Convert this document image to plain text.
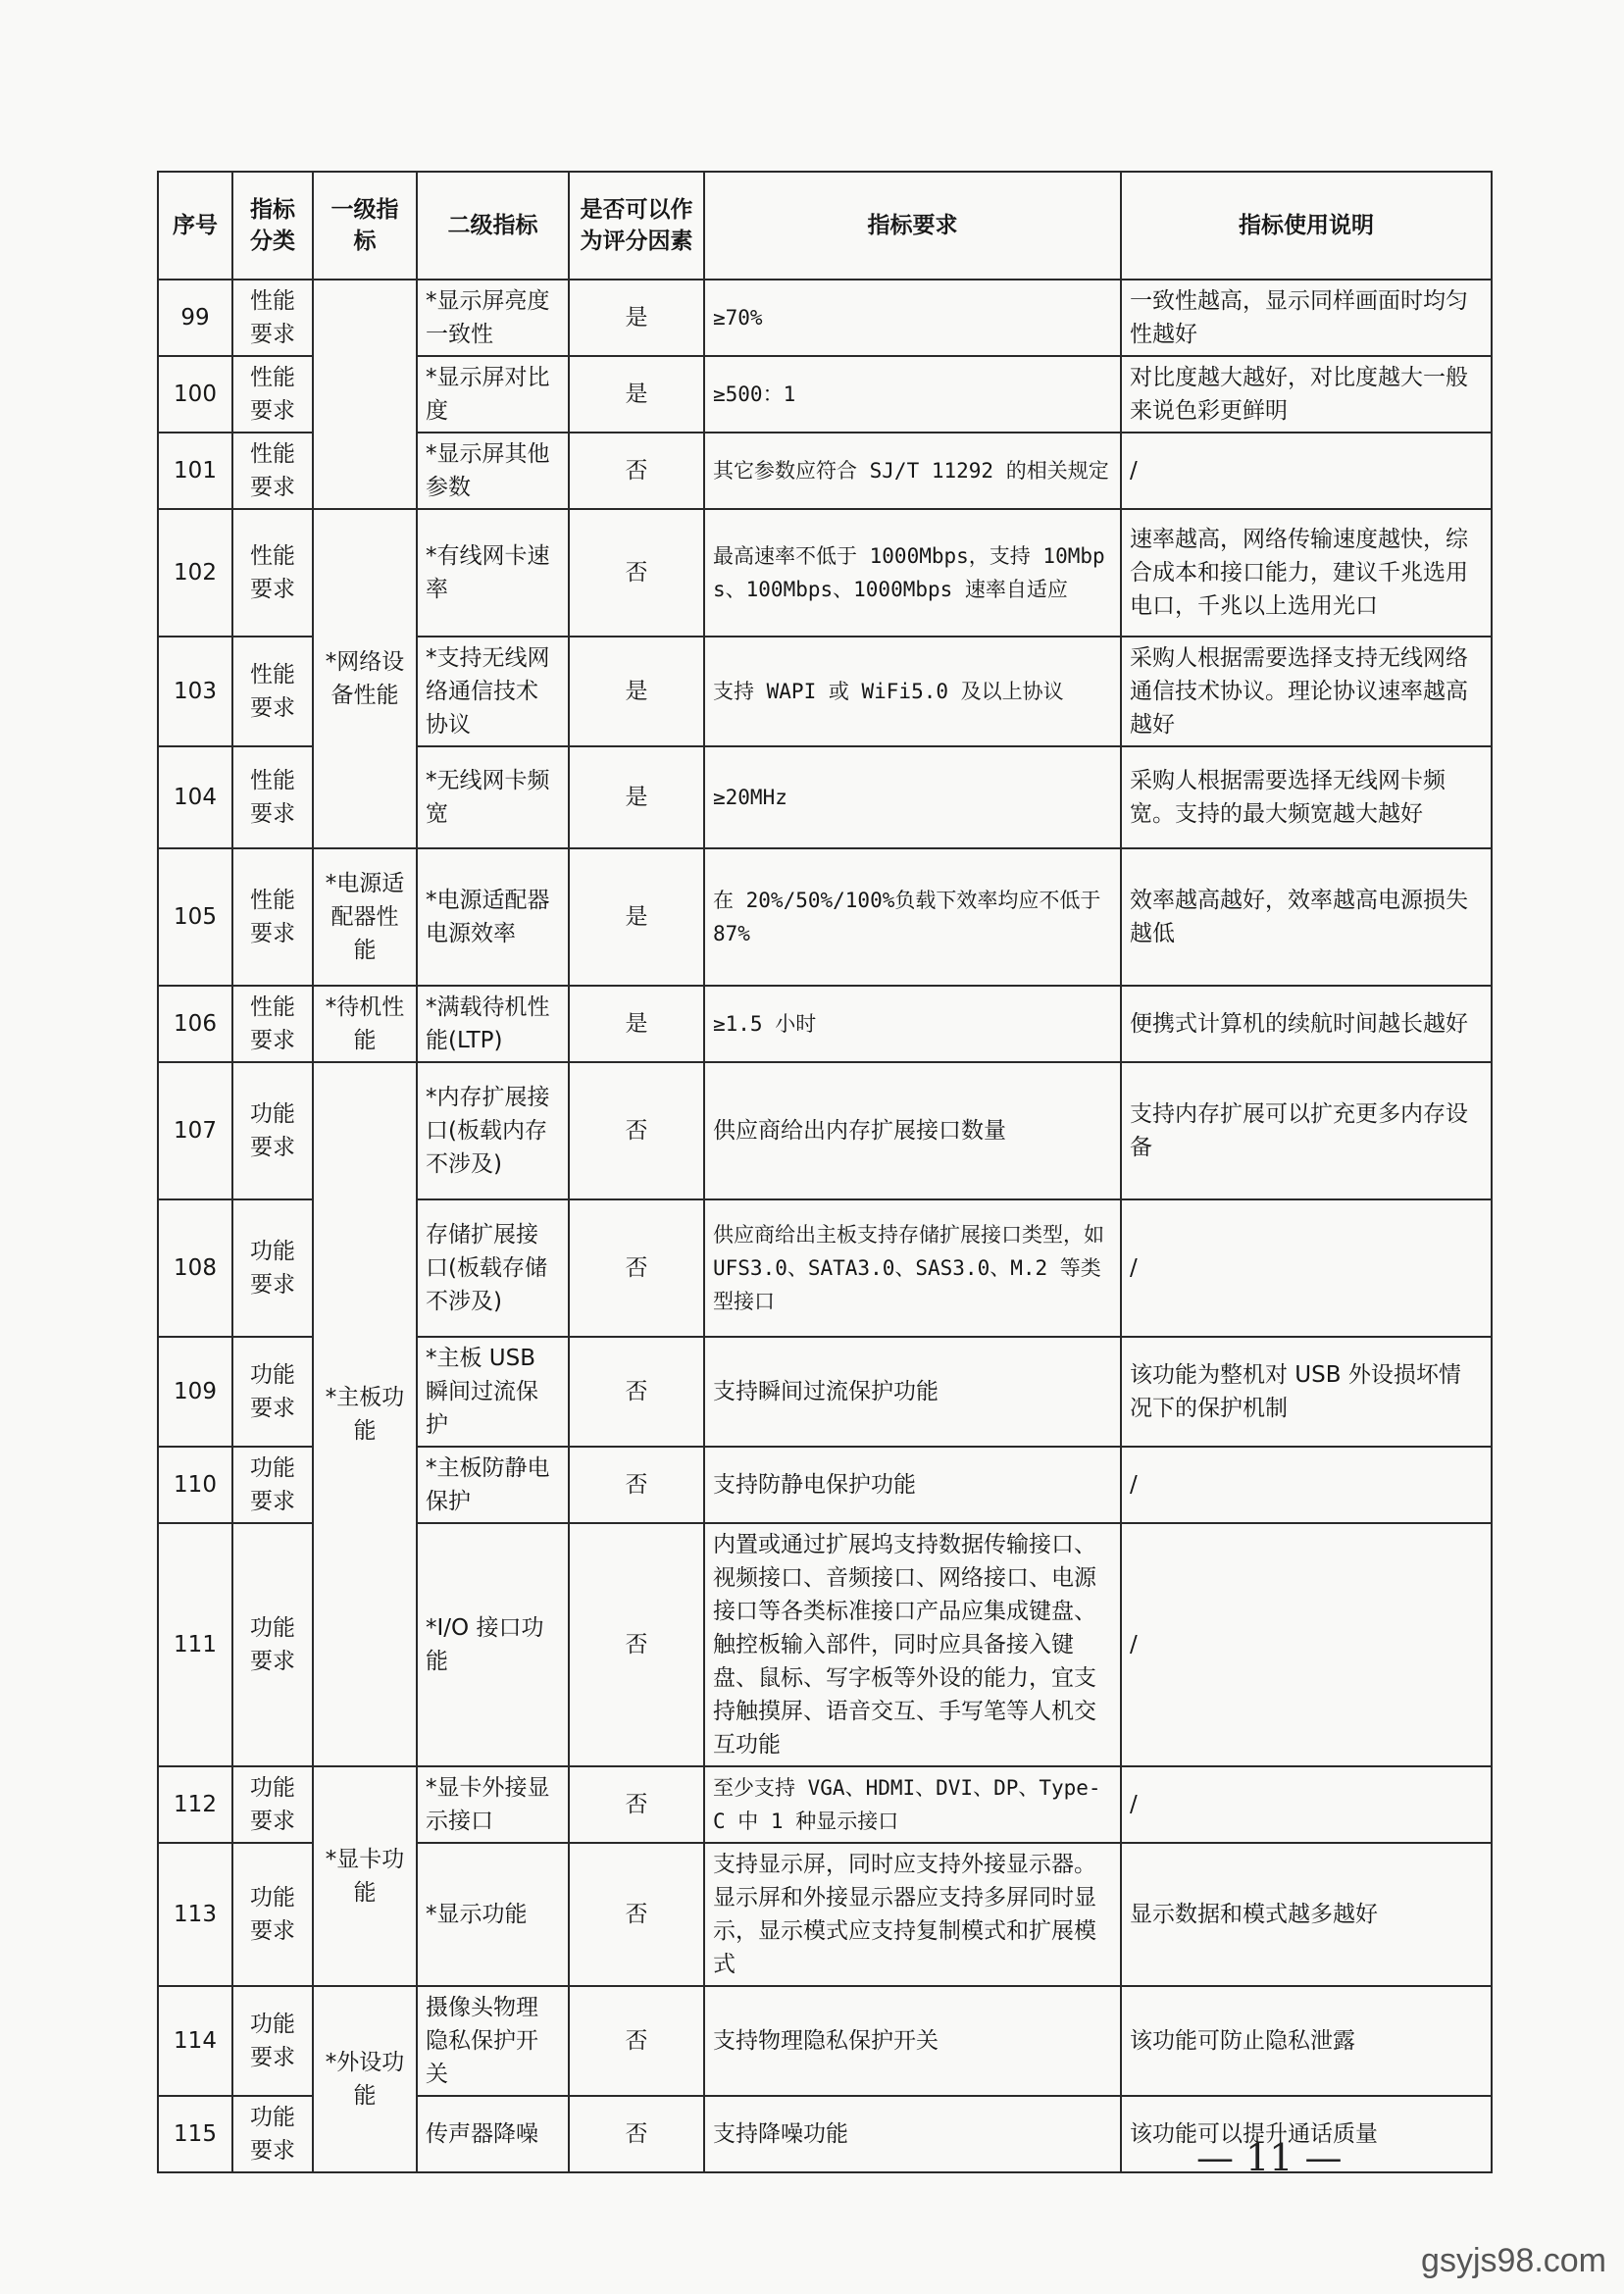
序号	指标分类	一级指标	二级指标	是否可以作为评分因素	指标要求	指标使用说明
99	性能要求		*显示屏亮度一致性	是	≥70%	一致性越高，显示同样画面时均匀性越好
100	性能要求		*显示屏对比度	是	≥500：1	对比度越大越好，对比度越大一般来说色彩更鲜明
101	性能要求		*显示屏其他参数	否	其它参数应符合 SJ/T 11292 的相关规定	/
102	性能要求	*网络设备性能	*有线网卡速率	否	最高速率不低于 1000Mbps，支持 10Mbps、100Mbps、1000Mbps 速率自适应	速率越高，网络传输速度越快，综合成本和接口能力，建议千兆选用电口，千兆以上选用光口
103	性能要求		*支持无线网络通信技术协议	是	支持 WAPI 或 WiFi5.0 及以上协议	采购人根据需要选择支持无线网络通信技术协议。理论协议速率越高越好
104	性能要求		*无线网卡频宽	是	≥20MHz	采购人根据需要选择无线网卡频宽。支持的最大频宽越大越好
105	性能要求	*电源适配器性能	*电源适配器电源效率	是	在 20%/50%/100%负载下效率均应不低于 87%	效率越高越好，效率越高电源损失越低
106	性能要求	*待机性能	*满载待机性能(LTP)	是	≥1.5 小时	便携式计算机的续航时间越长越好
107	功能要求	*主板功能	*内存扩展接口(板载内存不涉及)	否	供应商给出内存扩展接口数量	支持内存扩展可以扩充更多内存设备
108	功能要求		存储扩展接口(板载存储不涉及)	否	供应商给出主板支持存储扩展接口类型，如 UFS3.0、SATA3.0、SAS3.0、M.2 等类型接口	/
109	功能要求		*主板 USB 瞬间过流保护	否	支持瞬间过流保护功能	该功能为整机对 USB 外设损坏情况下的保护机制
110	功能要求		*主板防静电保护	否	支持防静电保护功能	/
111	功能要求		*I/O 接口功能	否	内置或通过扩展坞支持数据传输接口、视频接口、音频接口、网络接口、电源接口等各类标准接口产品应集成键盘、触控板输入部件，同时应具备接入键盘、鼠标、写字板等外设的能力，宜支持触摸屏、语音交互、手写笔等人机交互功能	/
112	功能要求	*显卡功能	*显卡外接显示接口	否	至少支持 VGA、HDMI、DVI、DP、Type-C 中 1 种显示接口	/
113	功能要求		*显示功能	否	支持显示屏，同时应支持外接显示器。显示屏和外接显示器应支持多屏同时显示，显示模式应支持复制模式和扩展模式	显示数据和模式越多越好
114	功能要求	*外设功能	摄像头物理隐私保护开关	否	支持物理隐私保护开关	该功能可防止隐私泄露
115	功能要求		传声器降噪	否	支持降噪功能	该功能可以提升通话质量
— 11 —
gsyjs98.com
